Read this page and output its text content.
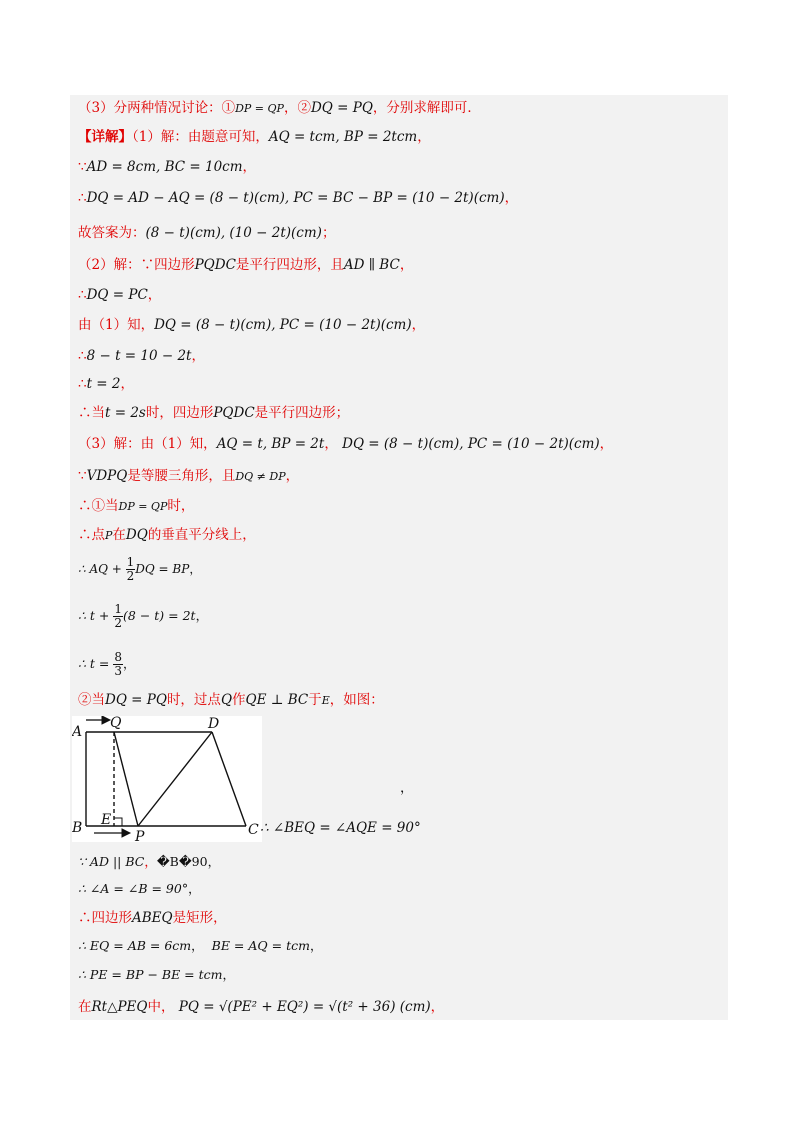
（3）分两种情况讨论：①DP = QP，②DQ = PQ，分别求解即可．
【详解】（1）解：由题意可知，AQ = tcm, BP = 2tcm，
∵AD = 8cm, BC = 10cm，
∴DQ = AD − AQ = (8 − t)(cm), PC = BC − BP = (10 − 2t)(cm)，
故答案为：(8 − t)(cm), (10 − 2t)(cm)；
（2）解：∵四边形PQDC是平行四边形，且AD ∥ BC，
∴DQ = PC，
由（1）知，DQ = (8 − t)(cm), PC = (10 − 2t)(cm)，
∴8 − t = 10 − 2t，
∴t = 2，
∴当t = 2s时，四边形PQDC是平行四边形；
（3）解：由（1）知，AQ = t, BP = 2t， DQ = (8 − t)(cm), PC = (10 − 2t)(cm)，
∵VDPQ是等腰三角形，且DQ ≠ DP，
∴①当DP = QP时，
∴点P在DQ的垂直平分线上，
∴ AQ + $\frac{1}{2}$ DQ = BP，
∴ $t + \frac{1}{2} (8 - t) = 2t$，
∴ $t = \frac{8}{3}$ ，
②当DQ = PQ时，过点Q作QE ⊥ BC于E，如图：
A
Q	D
B E
P	C
，
∴ ∠BEQ = ∠AQE = 90°
∵ AD || BC，�B�90，
∴ ∠A = ∠B = 90°，
∴四边形ABEQ是矩形，
∴ EQ = AB = 6cm， BE = AQ = tcm，
∴ PE = BP − BE = tcm，
在Rt△PEQ中， PQ = √(PE² + EQ²) = √(t² + 36) (cm)，
